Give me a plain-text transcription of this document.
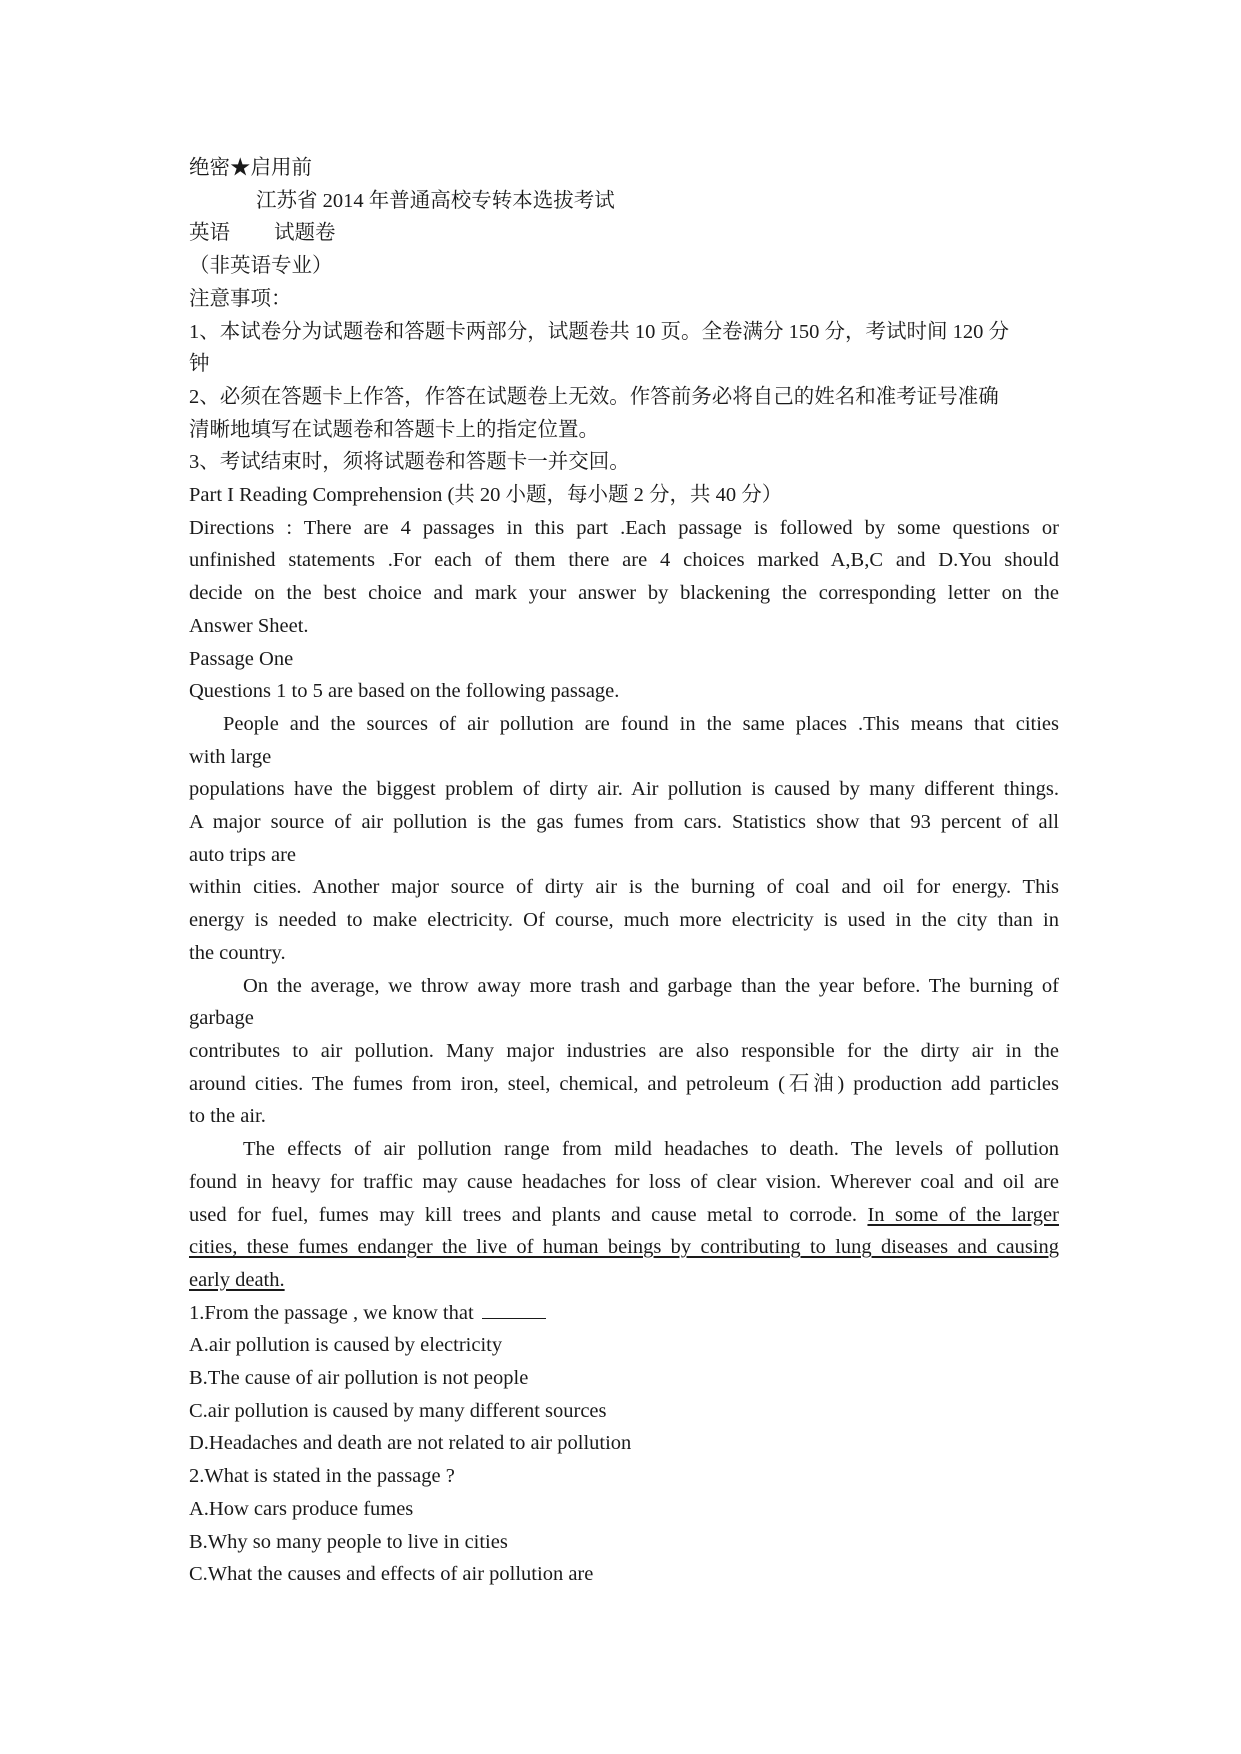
绝密★启用前
江苏省 2014 年普通高校专转本选拔考试
英语 试题卷
（非英语专业）
注意事项：
1、本试卷分为试题卷和答题卡两部分，试题卷共 10 页。全卷满分 150 分，考试时间 120 分
钟
2、必须在答题卡上作答，作答在试题卷上无效。作答前务必将自己的姓名和准考证号准确
清晰地填写在试题卷和答题卡上的指定位置。
3、考试结束时，须将试题卷和答题卡一并交回。
Part I Reading Comprehension (共 20 小题，每小题 2 分，共 40 分）
Directions : There are 4 passages in this part .Each passage is followed by some questions or
unfinished statements .For each of them there are 4 choices marked A,B,C and D.You should
decide on the best choice and mark your answer by blackening the corresponding letter on the
Answer Sheet.
Passage One
Questions 1 to 5 are based on the following passage.
People and the sources of air pollution are found in the same places .This means that cities
with large
populations have the biggest problem of dirty air. Air pollution is caused by many different things.
A major source of air pollution is the gas fumes from cars. Statistics show that 93 percent of all
auto trips are
within cities. Another major source of dirty air is the burning of coal and oil for energy. This
energy is needed to make electricity. Of course, much more electricity is used in the city than in
the country.
On the average, we throw away more trash and garbage than the year before. The burning of
garbage
contributes to air pollution. Many major industries are also responsible for the dirty air in the
around cities. The fumes from iron, steel, chemical, and petroleum (石油) production add particles
to the air.
The effects of air pollution range from mild headaches to death. The levels of pollution
found in heavy for traffic may cause headaches for loss of clear vision. Wherever coal and oil are
used for fuel, fumes may kill trees and plants and cause metal to corrode. In some of the larger
cities, these fumes endanger the live of human beings by contributing to lung diseases and causing
early death.
1.From the passage , we know that
A.air pollution is caused by electricity
B.The cause of air pollution is not people
C.air pollution is caused by many different sources
D.Headaches and death are not related to air pollution
2.What is stated in the passage ?
A.How cars produce fumes
B.Why so many people to live in cities
C.What the causes and effects of air pollution are
